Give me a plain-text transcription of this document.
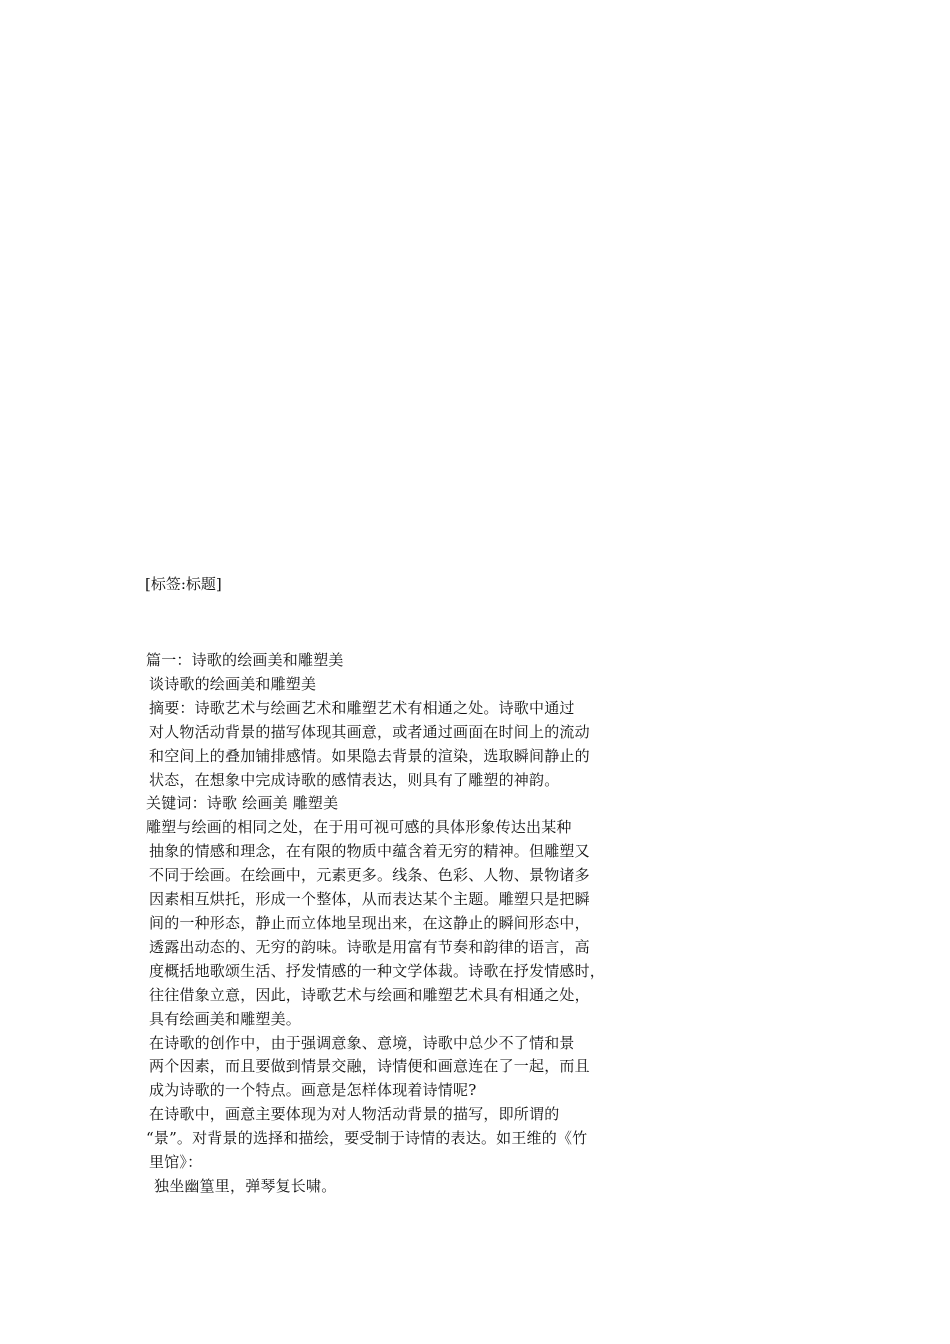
[标签:标题]
篇一：诗歌的绘画美和雕塑美
谈诗歌的绘画美和雕塑美
摘要：诗歌艺术与绘画艺术和雕塑艺术有相通之处。诗歌中通过
对人物活动背景的描写体现其画意，或者通过画面在时间上的流动
和空间上的叠加铺排感情。如果隐去背景的渲染，选取瞬间静止的
状态，在想象中完成诗歌的感情表达，则具有了雕塑的神韵。
关键词：诗歌 绘画美 雕塑美
雕塑与绘画的相同之处，在于用可视可感的具体形象传达出某种
抽象的情感和理念，在有限的物质中蕴含着无穷的精神。但雕塑又
不同于绘画。在绘画中，元素更多。线条、色彩、人物、景物诸多
因素相互烘托，形成一个整体，从而表达某个主题。雕塑只是把瞬
间的一种形态，静止而立体地呈现出来，在这静止的瞬间形态中，
透露出动态的、无穷的韵味。诗歌是用富有节奏和韵律的语言，高
度概括地歌颂生活、抒发情感的一种文学体裁。诗歌在抒发情感时，
往往借象立意，因此，诗歌艺术与绘画和雕塑艺术具有相通之处，
具有绘画美和雕塑美。
在诗歌的创作中，由于强调意象、意境，诗歌中总少不了情和景
两个因素，而且要做到情景交融，诗情便和画意连在了一起，而且
成为诗歌的一个特点。画意是怎样体现着诗情呢?
在诗歌中，画意主要体现为对人物活动背景的描写，即所谓的
“景”。对背景的选择和描绘，要受制于诗情的表达。如王维的《竹
里馆》：
独坐幽篁里，弹琴复长啸。
